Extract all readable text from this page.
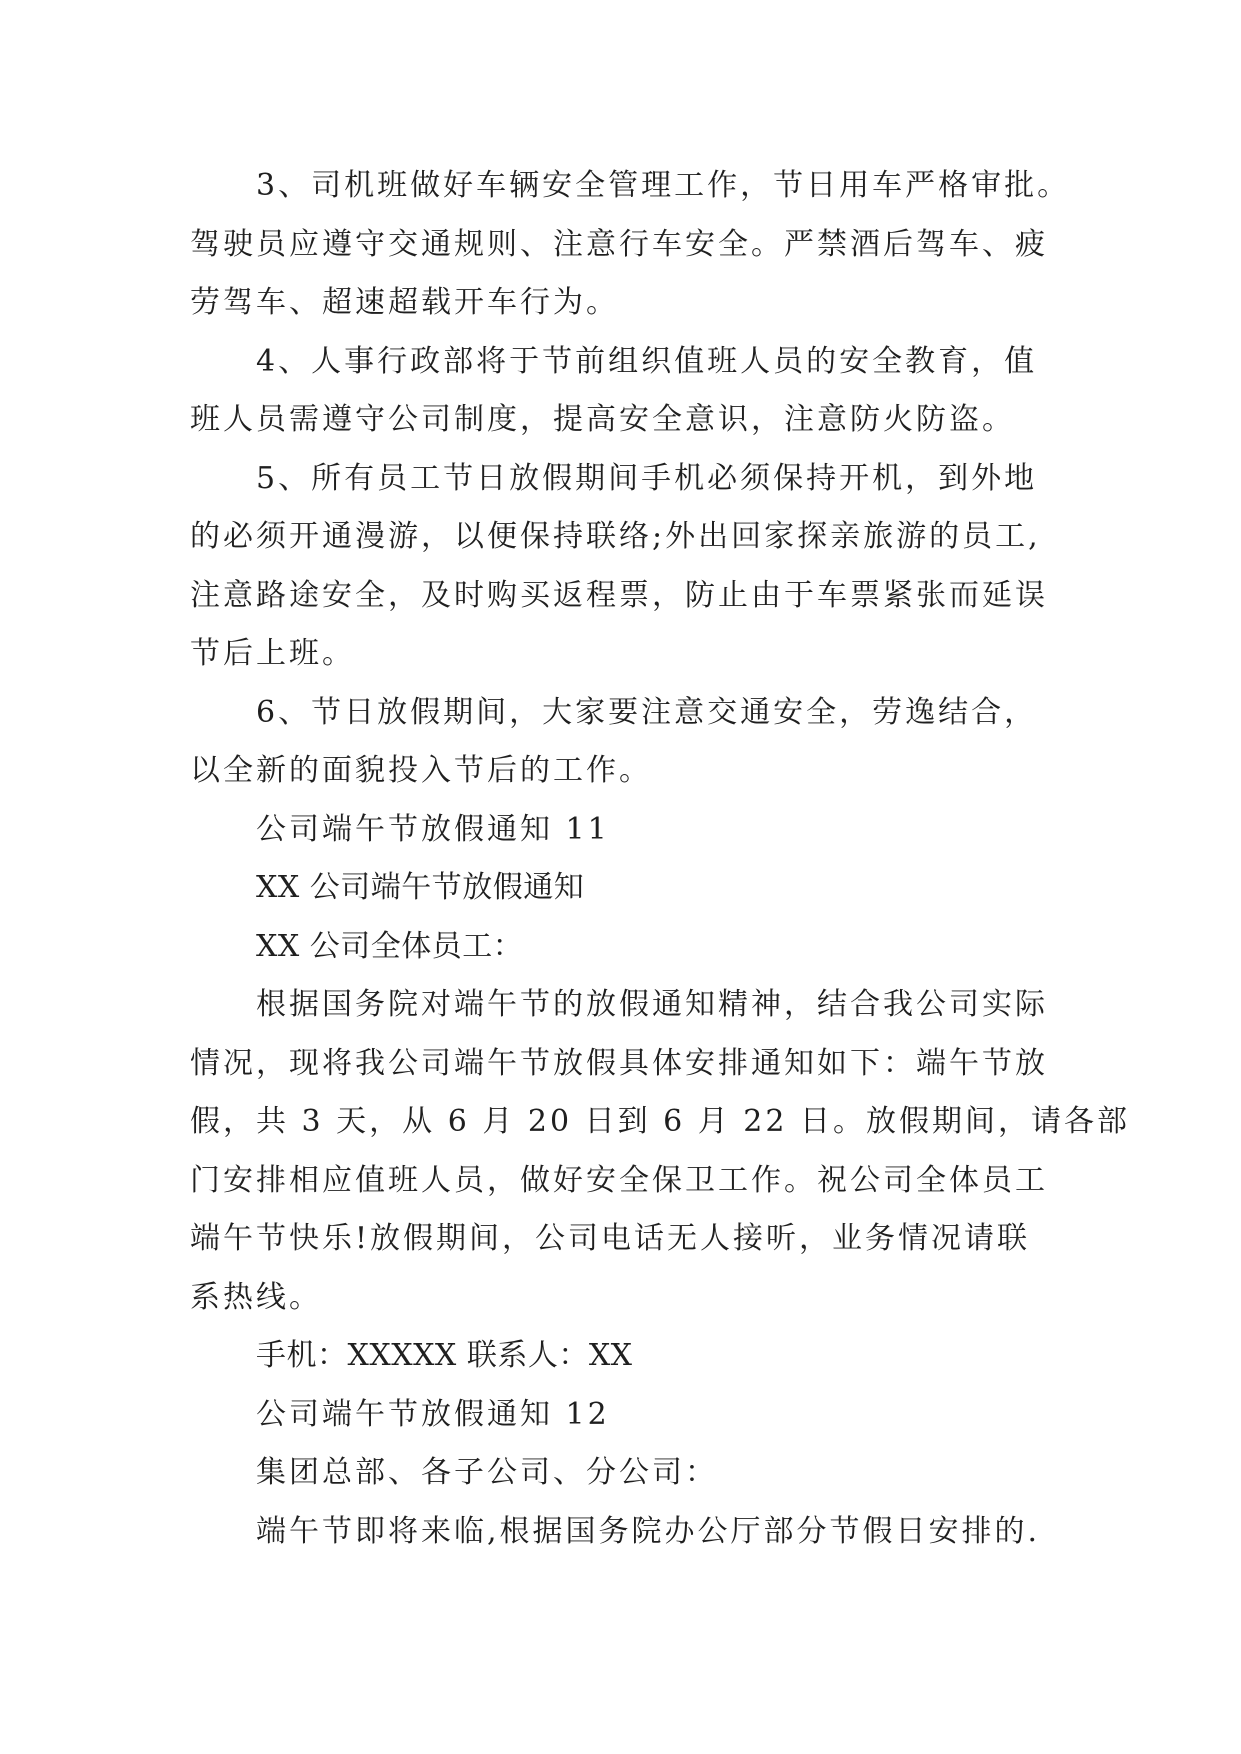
3、司机班做好车辆安全管理工作，节日用车严格审批。
驾驶员应遵守交通规则、注意行车安全。严禁酒后驾车、疲
劳驾车、超速超载开车行为。
4、人事行政部将于节前组织值班人员的安全教育，值
班人员需遵守公司制度，提高安全意识，注意防火防盗。
5、所有员工节日放假期间手机必须保持开机，到外地
的必须开通漫游，以便保持联络;外出回家探亲旅游的员工,
注意路途安全，及时购买返程票，防止由于车票紧张而延误
节后上班。
6、节日放假期间，大家要注意交通安全，劳逸结合，
以全新的面貌投入节后的工作。
公司端午节放假通知 11
XX 公司端午节放假通知
XX 公司全体员工：
根据国务院对端午节的放假通知精神，结合我公司实际
情况，现将我公司端午节放假具体安排通知如下：端午节放
假，共 3 天，从 6 月 20 日到 6 月 22 日。放假期间，请各部
门安排相应值班人员，做好安全保卫工作。祝公司全体员工
端午节快乐!放假期间，公司电话无人接听，业务情况请联
系热线。
手机：XXXXX 联系人：XX
公司端午节放假通知 12
集团总部、各子公司、分公司：
端午节即将来临,根据国务院办公厅部分节假日安排的.
